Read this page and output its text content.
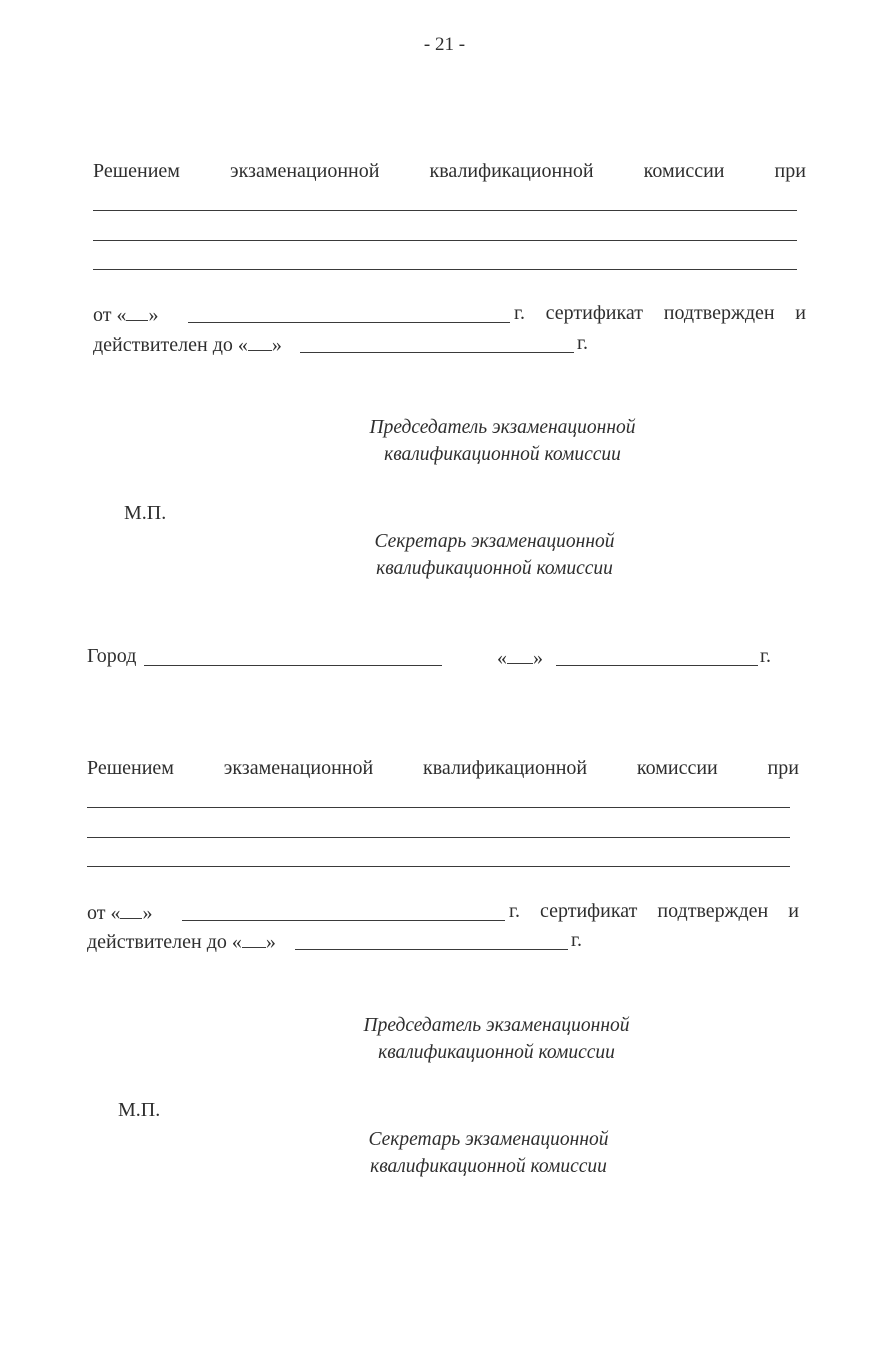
- 21 -
Решением	экзаменационной	квалификационной	комиссии	при
от « »	г. сертификат подтвержден и
действителен до « »	г.
Председатель экзаменационной
квалификационной комиссии
М.П.
Секретарь экзаменационной
квалификационной комиссии
Город	« »	г.
Решением экзаменационной квалификационной комиссии при
от « »	г. сертификат подтвержден и
действителен до « »	г.
Председатель экзаменационной
квалификационной комиссии
М.П.
Секретарь экзаменационной
квалификационной комиссии
